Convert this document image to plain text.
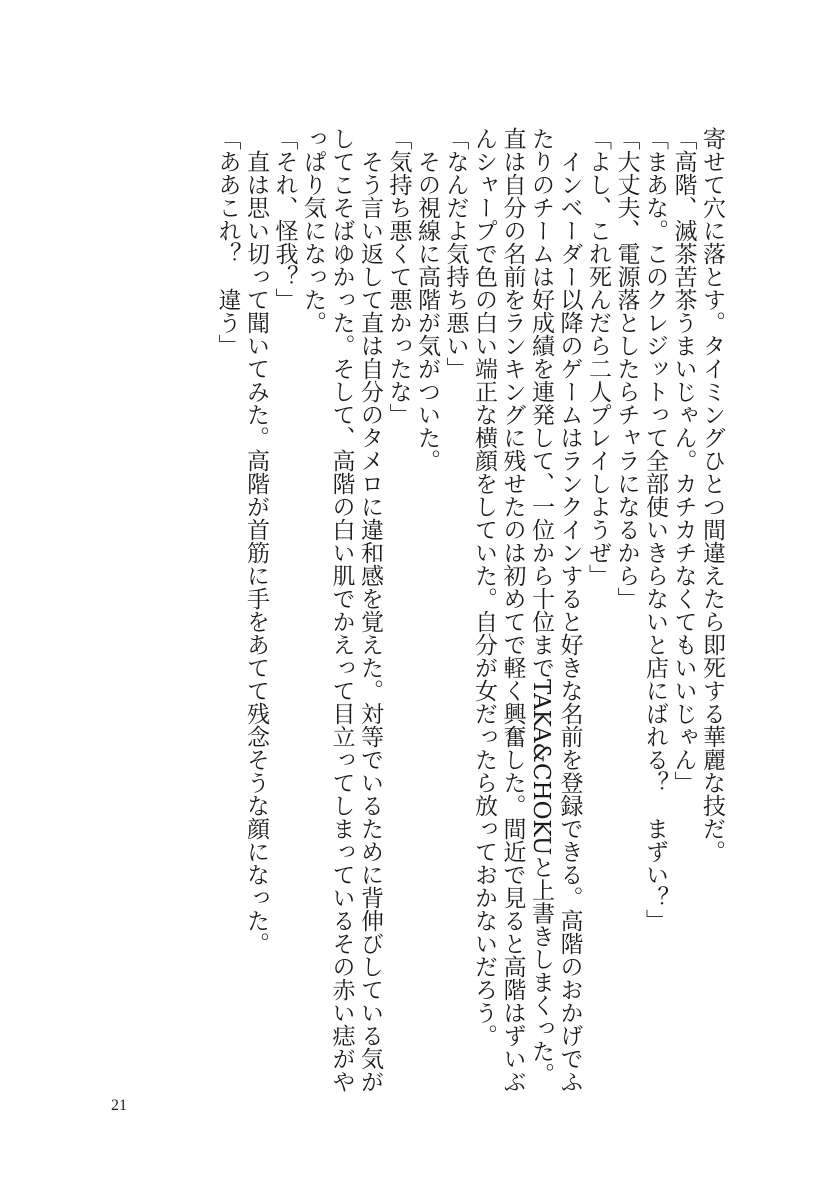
寄せて穴に落とす。タイミングひとつ間違えたら即死する華麗な技だ。

「高階、滅茶苦茶うまいじゃん。カチカチなくてもいいじゃん」

「まあな。このクレジットって全部使いきらないと店にばれる？　まずい？」

「大丈夫、電源落としたらチャラになるから」

「よし、これ死んだら二人プレイしようぜ」

　インベーダー以降のゲームはランクインすると好きな名前を登録できる。高階のおかげでふ

たりのチームは好成績を連発して、一位から十位までTAKA&CHOKUと上書きしまくった。

直は自分の名前をランキングに残せたのは初めてで軽く興奮した。間近で見ると高階はずいぶ

んシャープで色の白い端正な横顔をしていた。自分が女だったら放っておかないだろう。

「なんだよ気持ち悪い」

　その視線に高階が気がついた。

「気持ち悪くて悪かったな」

　そう言い返して直は自分のタメロに違和感を覚えた。対等でいるために背伸びしている気が

してこそばゆかった。そして、高階の白い肌でかえって目立ってしまっているその赤い痣がや

っぱり気になった。

「それ、怪我？」

　直は思い切って聞いてみた。高階が首筋に手をあてて残念そうな顔になった。

「ああこれ？　違う」

21
